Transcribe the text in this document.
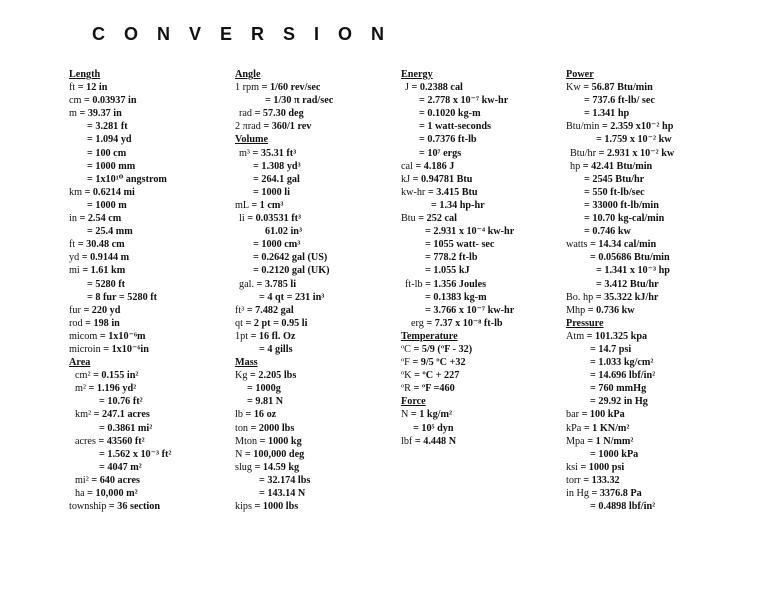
C O N V E R S I O N
Length
ft = 12 in
cm = 0.03937 in
m = 39.37 in
= 3.281 ft
= 1.094 yd
= 100 cm
= 1000 mm
= 1x10¹⁰ angstrom
km = 0.6214 mi
= 1000 m
in = 2.54 cm
= 25.4 mm
ft = 30.48 cm
yd = 0.9144 m
mi = 1.61 km
= 5280 ft
= 8 fur = 5280 ft
fur = 220 yd
rod = 198 in
micom = 1x10⁻⁶m
microin = 1x10⁻⁶in
Area
cm² = 0.155 in²
m² = 1.196 yd²
= 10.76 ft²
km² = 247.1 acres
= 0.3861 mi²
acres = 43560 ft²
= 1.562 x 10⁻³ ft²
= 4047 m²
mi² = 640 acres
ha = 10,000 m²
township = 36 section
Angle
1 rpm = 1/60 rev/sec
= 1/30 π rad/sec
rad = 57.30 deg
2 πrad = 360/1 rev
Volume
m³ = 35.31 ft³
= 1.308 yd³
= 264.1 gal
= 1000 li
mL = 1 cm³
li = 0.03531 ft³
61.02 in³
= 1000 cm³
= 0.2642 gal (US)
= 0.2120 gal (UK)
gal. = 3.785 li
= 4 qt = 231 in³
ft³ = 7.482 gal
qt = 2 pt = 0.95 li
1pt = 16 fl. Oz
= 4 gills
Mass
Kg = 2.205 lbs
= 1000g
= 9.81 N
lb = 16 oz
ton = 2000 lbs
Mton = 1000 kg
N = 100,000 deg
slug = 14.59 kg
= 32.174 lbs
= 143.14 N
kips = 1000 lbs
Energy
J = 0.2388 cal
= 2.778 x 10⁻⁷ kw-hr
= 0.1020 kg-m
= 1 watt-seconds
= 0.7376 ft-lb
= 10⁷ ergs
cal = 4.186 J
kJ = 0.94781 Btu
kw-hr = 3.415 Btu
= 1.34 hp-hr
Btu = 252 cal
= 2.931 x 10⁻⁴ kw-hr
= 1055 watt- sec
= 778.2 ft-lb
= 1.055 kJ
ft-lb = 1.356 Joules
= 0.1383 kg-m
= 3.766 x 10⁻⁷ kw-hr
erg = 7.37 x 10⁻⁸ ft-lb
Temperature
ºC = 5/9 (ºF - 32)
ºF = 9/5 ºC +32
ºK = ºC + 227
ºR = ºF =460
Force
N = 1 kg/m²
= 10⁵ dyn
lbf = 4.448 N
Power
Kw = 56.87 Btu/min
= 737.6 ft-lb/ sec
= 1.341 hp
Btu/min = 2.359 x10⁻² hp
= 1.759 x 10⁻² kw
Btu/hr = 2.931 x 10⁻² kw
hp = 42.41 Btu/min
= 2545 Btu/hr
= 550 ft-lb/sec
= 33000 ft-lb/min
= 10.70 kg-cal/min
= 0.746 kw
watts = 14.34 cal/min
= 0.05686 Btu/min
= 1.341 x 10⁻³ hp
= 3.412 Btu/hr
Bo. hp = 35.322 kJ/hr
Mhp = 0.736 kw
Pressure
Atm = 101.325 kpa
= 14.7 psi
= 1.033 kg/cm²
= 14.696 lbf/in²
= 760 mmHg
= 29.92 in Hg
bar = 100 kPa
kPa = 1 KN/m²
Mpa = 1 N/mm²
= 1000 kPa
ksi = 1000 psi
torr = 133.32
in Hg = 3376.8 Pa
= 0.4898 lbf/in²
